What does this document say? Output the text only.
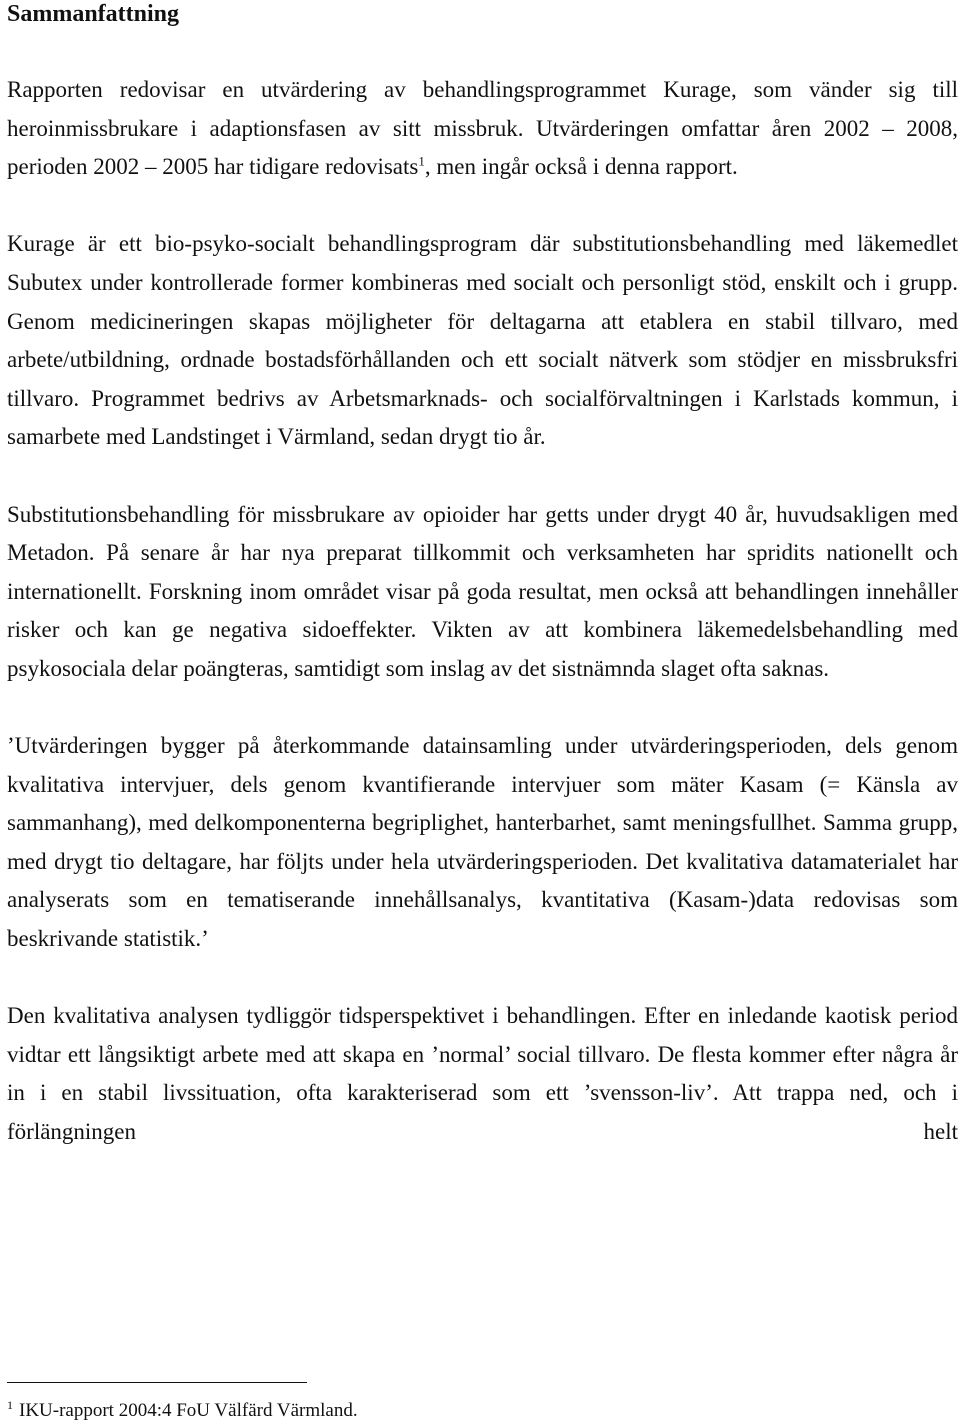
Sammanfattning

Rapporten redovisar en utvärdering av behandlingsprogrammet Kurage, som vänder sig till heroinmissbrukare i adaptionsfasen av sitt missbruk. Utvärderingen omfattar åren 2002 – 2008, perioden 2002 – 2005 har tidigare redovisats$^1$, men ingår också i denna rapport.

Kurage är ett bio-psyko-socialt behandlingsprogram där substitutionsbehandling med läkemedlet Subutex under kontrollerade former kombineras med socialt och personligt stöd, enskilt och i grupp. Genom medicineringen skapas möjligheter för deltagarna att etablera en stabil tillvaro, med arbete/utbildning, ordnade bostadsförhållanden och ett socialt nätverk som stödjer en missbruksfri tillvaro. Programmet bedrivs av Arbetsmarknads- och socialförvaltningen i Karlstads kommun, i samarbete med Landstinget i Värmland, sedan drygt tio år.

Substitutionsbehandling för missbrukare av opioider har getts under drygt 40 år, huvudsakligen med Metadon. På senare år har nya preparat tillkommit och verksamheten har spridits nationellt och internationellt. Forskning inom området visar på goda resultat, men också att behandlingen innehåller risker och kan ge negativa sidoeffekter. Vikten av att kombinera läkemedelsbehandling med psykosociala delar poängteras, samtidigt som inslag av det sistnämnda slaget ofta saknas.

’Utvärderingen bygger på återkommande datainsamling under utvärderingsperioden, dels genom kvalitativa intervjuer, dels genom kvantifierande intervjuer som mäter Kasam (= Känsla av sammanhang), med delkomponenterna begriplighet, hanterbarhet, samt meningsfullhet. Samma grupp, med drygt tio deltagare, har följts under hela utvärderingsperioden. Det kvalitativa datamaterialet har analyserats som en tematiserande innehållsanalys, kvantitativa (Kasam-)data redovisas som beskrivande statistik.’

Den kvalitativa analysen tydliggör tidsperspektivet i behandlingen. Efter en inledande kaotisk period vidtar ett långsiktigt arbete med att skapa en ’normal’ social tillvaro. De flesta kommer efter några år in i en stabil livssituation, ofta karakteriserad som ett ’svensson-liv’. Att trappa ned, och i förlängningen helt

$^1$ IKU-rapport 2004:4 FoU Välfärd Värmland.
